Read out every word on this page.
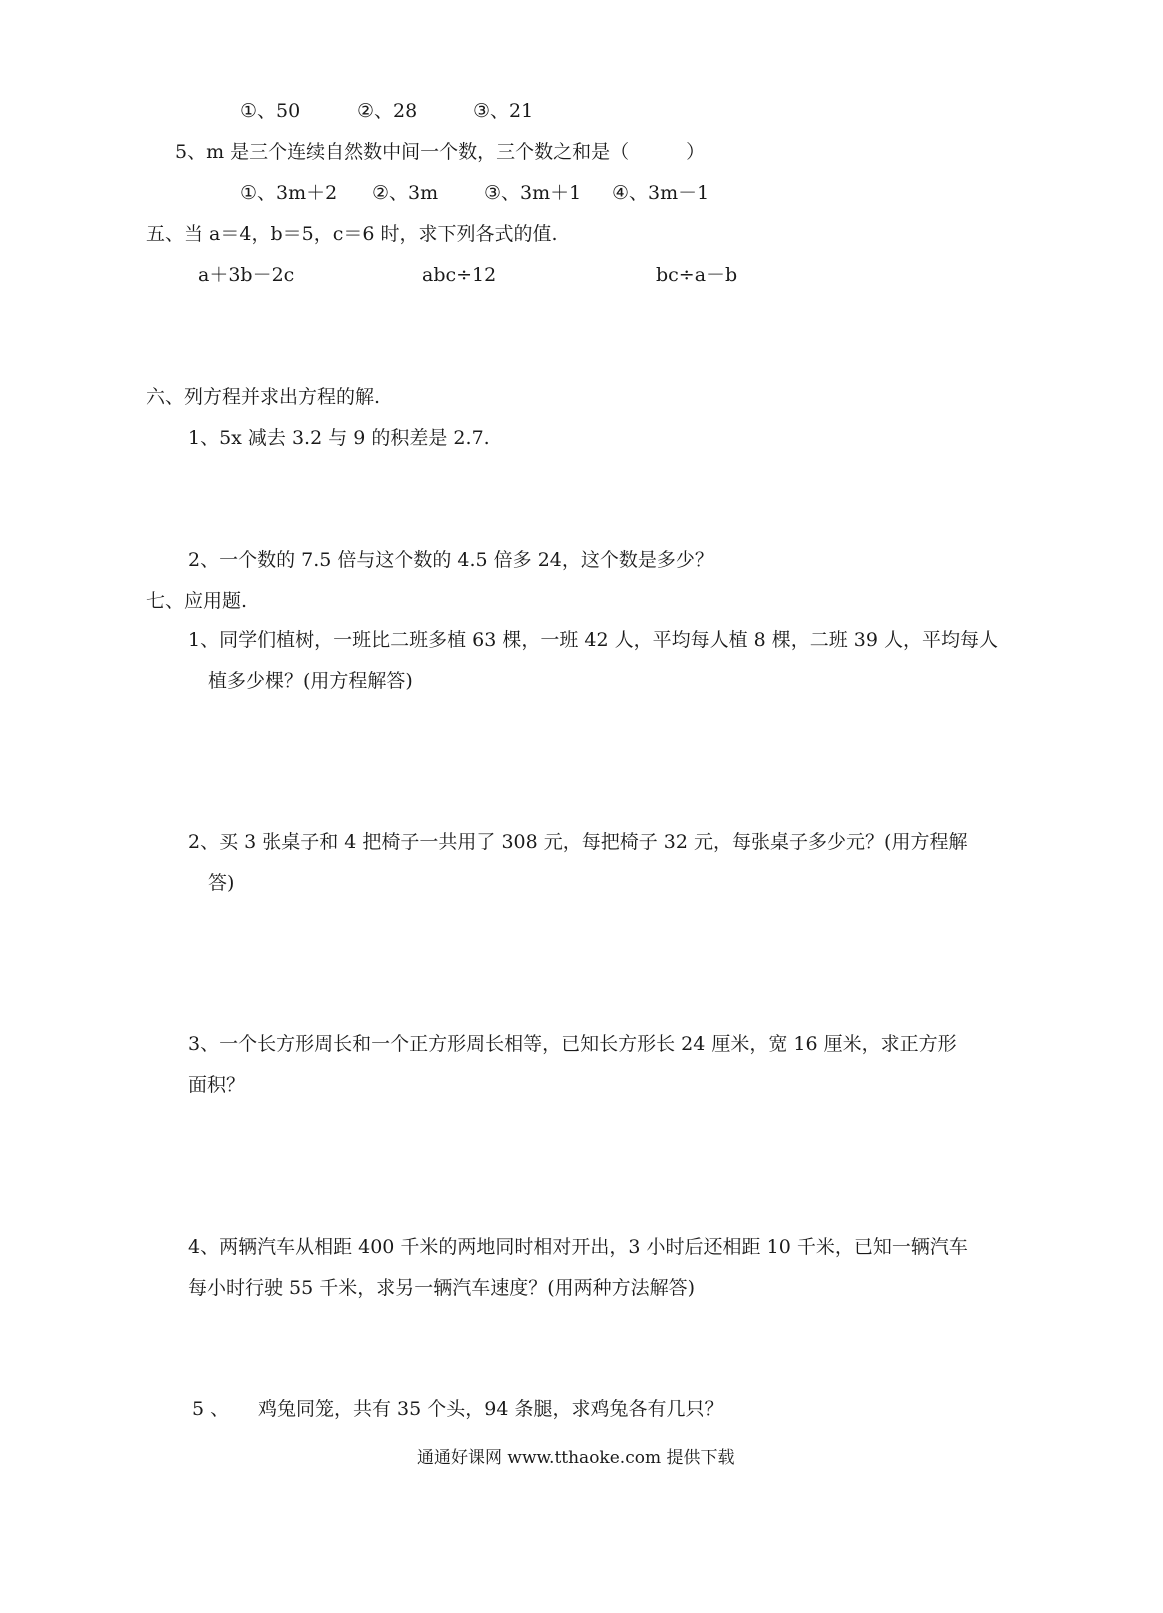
①、50	②、28	③、21
5、m 是三个连续自然数中间一个数，三个数之和是（　　　）
①、3m＋2 ②、3m ③、3m＋1 ④、3m－1
五、当 a＝4，b＝5，c＝6 时，求下列各式的值.
a＋3b－2c	abc÷12	bc÷a－b
六、列方程并求出方程的解.
1、5x 减去 3.2 与 9 的积差是 2.7.
2、一个数的 7.5 倍与这个数的 4.5 倍多 24，这个数是多少？
七、应用题.
1、同学们植树，一班比二班多植 63 棵，一班 42 人，平均每人植 8 棵，二班 39 人，平均每人
植多少棵？(用方程解答)
2、买 3 张桌子和 4 把椅子一共用了 308 元，每把椅子 32 元，每张桌子多少元？(用方程解
答)
3、一个长方形周长和一个正方形周长相等，已知长方形长 24 厘米，宽 16 厘米，求正方形
面积？
4、两辆汽车从相距 400 千米的两地同时相对开出，3 小时后还相距 10 千米，已知一辆汽车
每小时行驶 55 千米，求另一辆汽车速度？(用两种方法解答)
5 、 鸡兔同笼，共有 35 个头，94 条腿，求鸡兔各有几只？
通通好课网 www.tthaoke.com 提供下载
